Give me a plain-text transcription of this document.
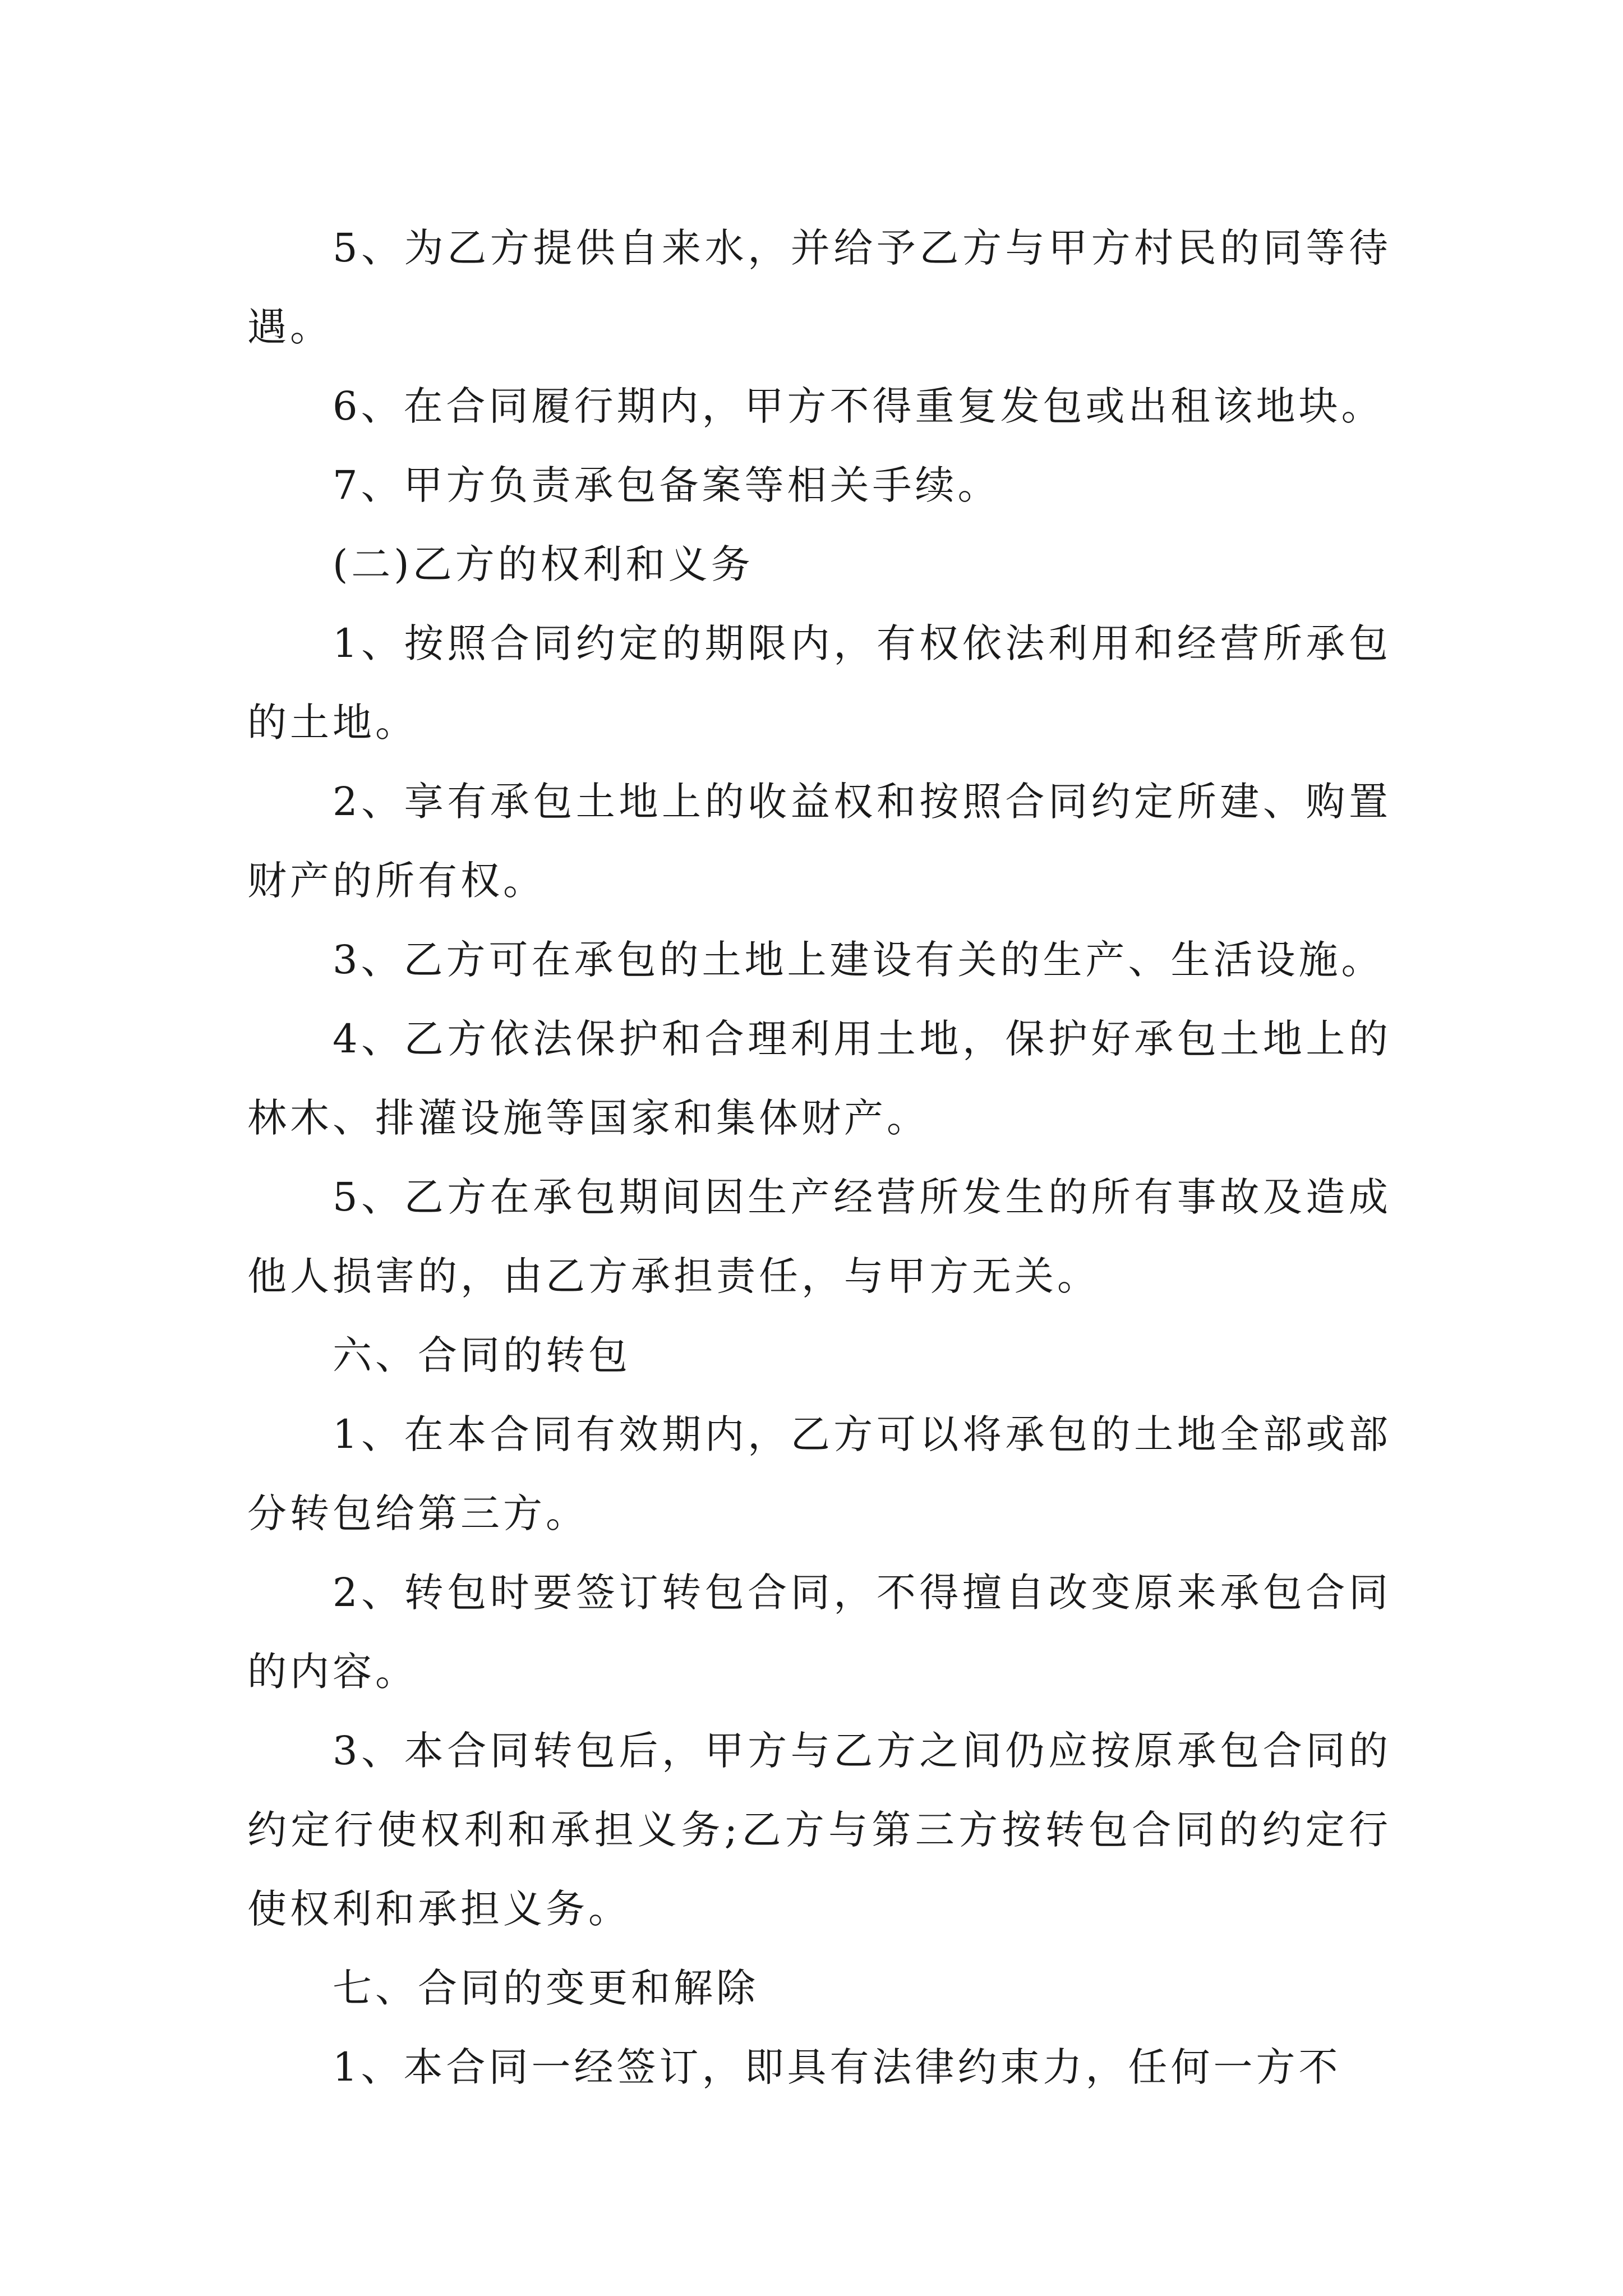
5、为乙方提供自来水，并给予乙方与甲方村民的同等待遇。

6、在合同履行期内，甲方不得重复发包或出租该地块。

7、甲方负责承包备案等相关手续。

(二)乙方的权利和义务

1、按照合同约定的期限内，有权依法利用和经营所承包的土地。

2、享有承包土地上的收益权和按照合同约定所建、购置财产的所有权。

3、乙方可在承包的土地上建设有关的生产、生活设施。

4、乙方依法保护和合理利用土地，保护好承包土地上的林木、排灌设施等国家和集体财产。

5、乙方在承包期间因生产经营所发生的所有事故及造成他人损害的，由乙方承担责任，与甲方无关。

六、合同的转包

1、在本合同有效期内，乙方可以将承包的土地全部或部分转包给第三方。

2、转包时要签订转包合同，不得擅自改变原来承包合同的内容。

3、本合同转包后，甲方与乙方之间仍应按原承包合同的约定行使权利和承担义务;乙方与第三方按转包合同的约定行使权利和承担义务。

七、合同的变更和解除

1、本合同一经签订，即具有法律约束力，任何一方不
